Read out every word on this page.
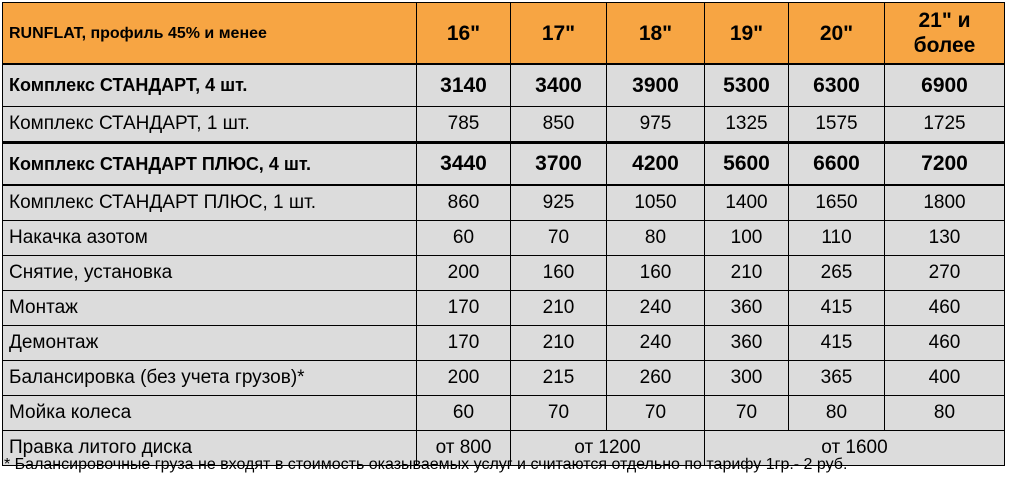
RUNFLAT, профиль 45% и менее	16"	17"	18"	19"	20"	21" и более
Комплекс СТАНДАРТ, 4 шт.	3140	3400	3900	5300	6300	6900
Комплекс СТАНДАРТ, 1 шт.	785	850	975	1325	1575	1725
Комплекс СТАНДАРТ ПЛЮС, 4 шт.	3440	3700	4200	5600	6600	7200
Комплекс СТАНДАРТ ПЛЮС, 1 шт.	860	925	1050	1400	1650	1800
Накачка азотом	60	70	80	100	110	130
Снятие, установка	200	160	160	210	265	270
Монтаж	170	210	240	360	415	460
Демонтаж	170	210	240	360	415	460
Балансировка (без учета грузов)*	200	215	260	300	365	400
Мойка колеса	60	70	70	70	80	80
Правка литого диска	от 800	от 1200		от 1600		
* Балансировочные груза не входят в стоимость оказываемых услуг и считаются отдельно по тарифу 1гр.- 2 руб.
